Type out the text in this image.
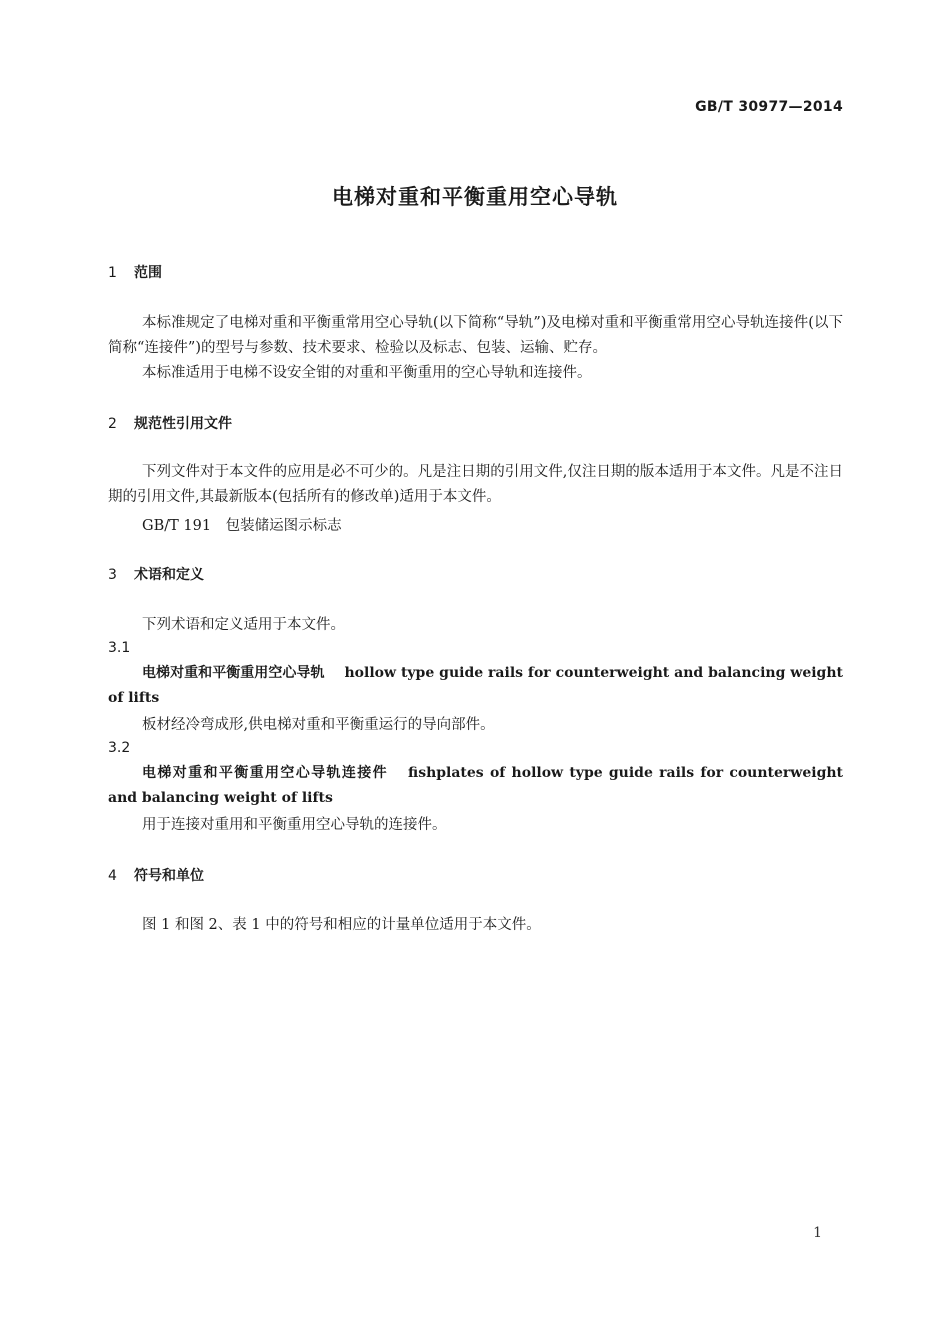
GB/T 30977—2014
电梯对重和平衡重用空心导轨
1 范围

本标准规定了电梯对重和平衡重常用空心导轨(以下简称“导轨”)及电梯对重和平衡重常用空心导轨连接件(以下简称“连接件”)的型号与参数、技术要求、检验以及标志、包装、运输、贮存。

本标准适用于电梯不设安全钳的对重和平衡重用的空心导轨和连接件。

2 规范性引用文件

下列文件对于本文件的应用是必不可少的。凡是注日期的引用文件,仅注日期的版本适用于本文件。凡是不注日期的引用文件,其最新版本(包括所有的修改单)适用于本文件。

GB/T 191　包装储运图示标志

3 术语和定义

下列术语和定义适用于本文件。

3.1

电梯对重和平衡重用空心导轨 hollow type guide rails for counterweight and balancing weight of lifts

板材经冷弯成形,供电梯对重和平衡重运行的导向部件。

3.2

电梯对重和平衡重用空心导轨连接件 fishplates of hollow type guide rails for counterweight and balancing weight of lifts

用于连接对重用和平衡重用空心导轨的连接件。

4 符号和单位

图 1 和图 2、表 1 中的符号和相应的计量单位适用于本文件。

1
